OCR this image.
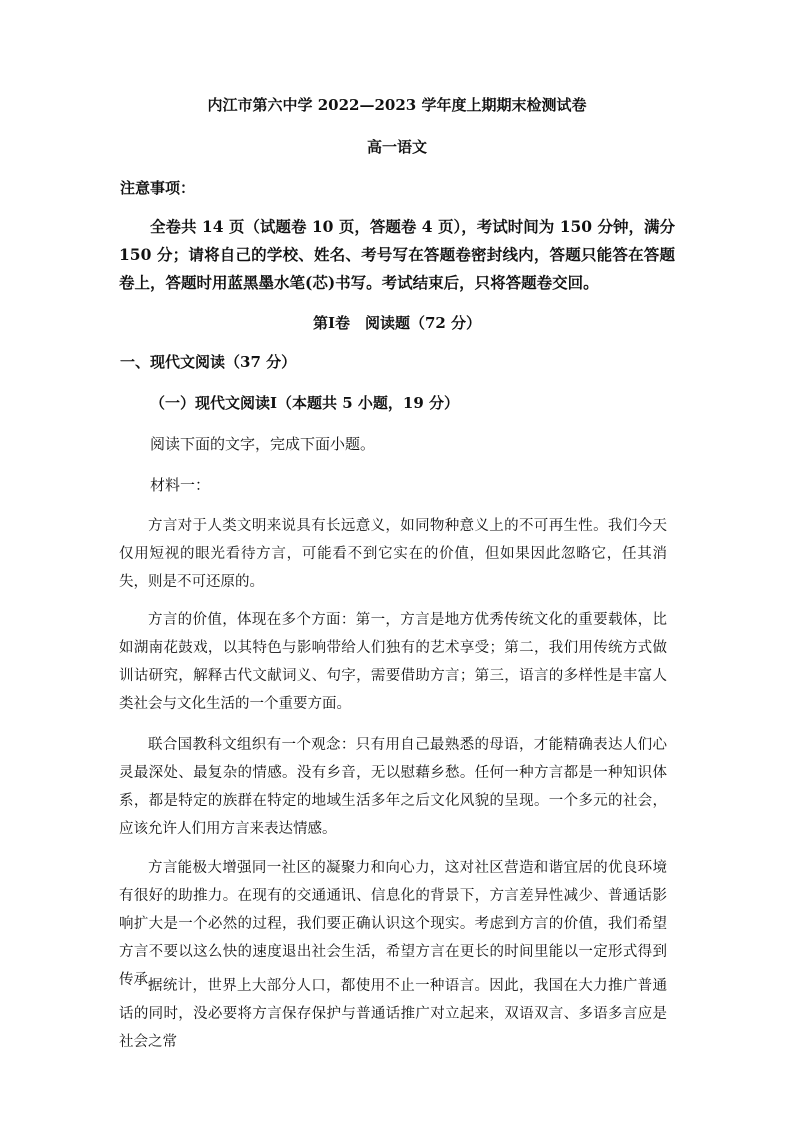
内江市第六中学 2022—2023 学年度上期期末检测试卷
高一语文
注意事项：

全卷共 14 页（试题卷 10 页，答题卷 4 页），考试时间为 150 分钟，满分 150 分；请将自己的学校、姓名、考号写在答题卷密封线内，答题只能答在答题卷上，答题时用蓝黑墨水笔(芯)书写。考试结束后，只将答题卷交回。

第Ⅰ卷　阅读题（72 分）
一、现代文阅读（37 分）
（一）现代文阅读Ⅰ（本题共 5 小题，19 分）
阅读下面的文字，完成下面小题。
材料一：

方言对于人类文明来说具有长远意义，如同物种意义上的不可再生性。我们今天仅用短视的眼光看待方言，可能看不到它实在的价值，但如果因此忽略它，任其消失，则是不可还原的。

方言的价值，体现在多个方面：第一，方言是地方优秀传统文化的重要载体，比如湖南花鼓戏，以其特色与影响带给人们独有的艺术享受；第二，我们用传统方式做训诂研究，解释古代文献词义、句字，需要借助方言；第三，语言的多样性是丰富人类社会与文化生活的一个重要方面。

联合国教科文组织有一个观念：只有用自己最熟悉的母语，才能精确表达人们心灵最深处、最复杂的情感。没有乡音，无以慰藉乡愁。任何一种方言都是一种知识体系，都是特定的族群在特定的地域生活多年之后文化风貌的呈现。一个多元的社会，应该允许人们用方言来表达情感。

方言能极大增强同一社区的凝聚力和向心力，这对社区营造和谐宜居的优良环境有很好的助推力。在现有的交通通讯、信息化的背景下，方言差异性减少、普通话影响扩大是一个必然的过程，我们要正确认识这个现实。考虑到方言的价值，我们希望方言不要以这么快的速度退出社会生活，希望方言在更长的时间里能以一定形式得到传承。

据统计，世界上大部分人口，都使用不止一种语言。因此，我国在大力推广普通话的同时，没必要将方言保存保护与普通话推广对立起来，双语双言、多语多言应是社会之常
